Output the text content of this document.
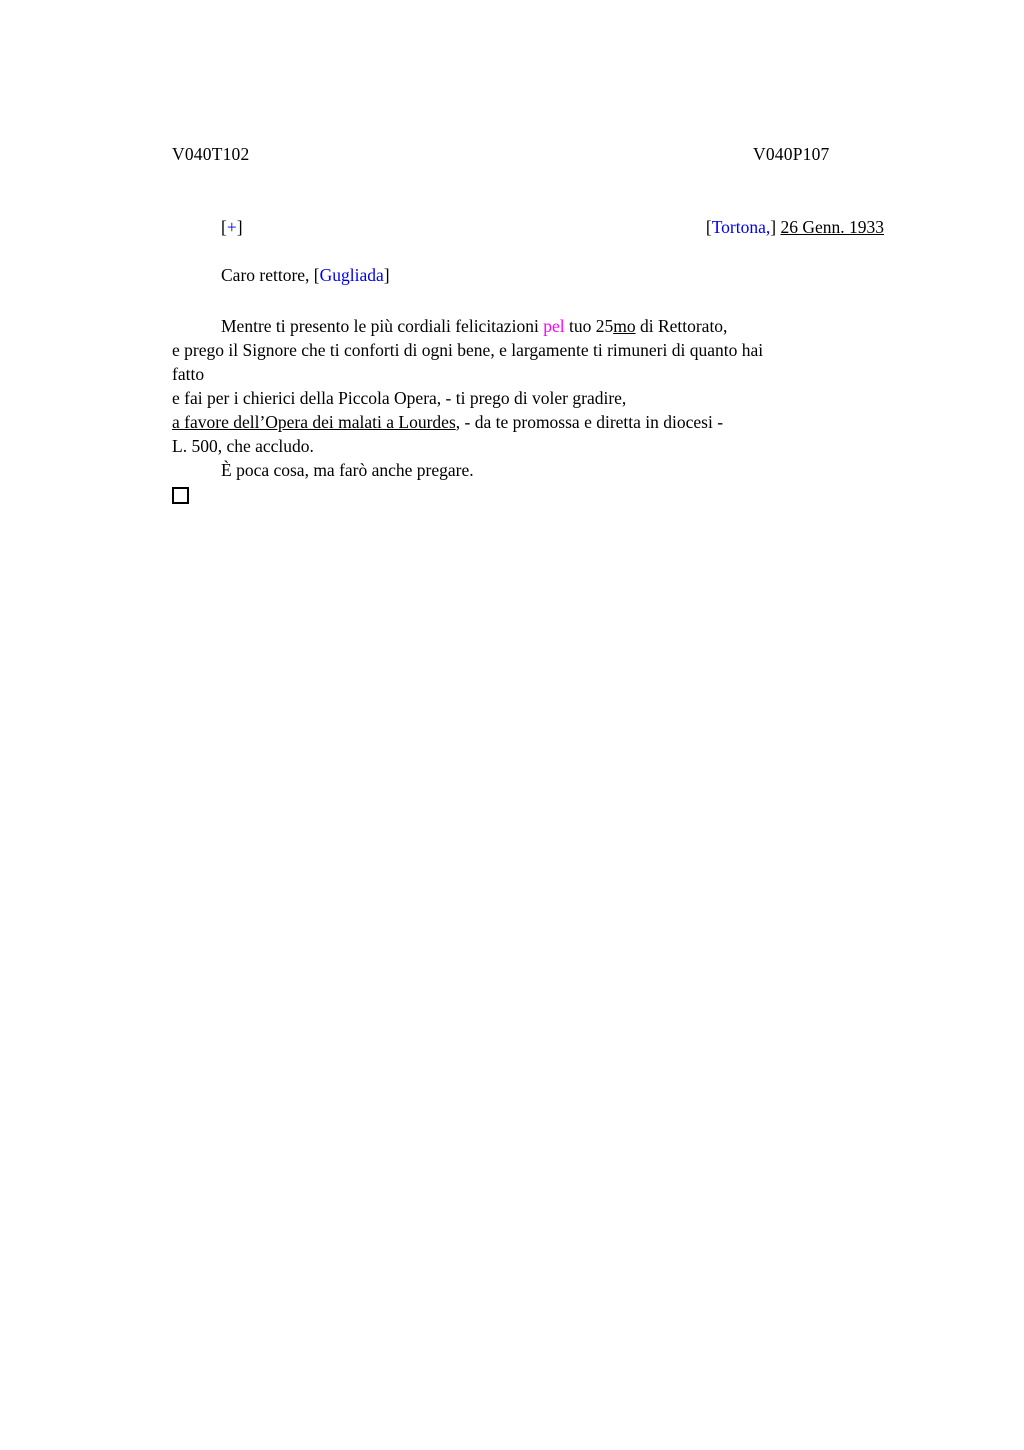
V040T102	V040P107
[+]	[Tortona,] 26 Genn. 1933
Caro rettore, [Gugliada]
Mentre ti presento le più cordiali felicitazioni pel tuo 25mo di Rettorato,
e prego il Signore che ti conforti di ogni bene, e largamente ti rimuneri di quanto hai
fatto
e fai per i chierici della Piccola Opera, - ti prego di voler gradire,
a favore dell’Opera dei malati a Lourdes, - da te promossa e diretta in diocesi -
L. 500, che accludo.
È poca cosa, ma farò anche pregare.
